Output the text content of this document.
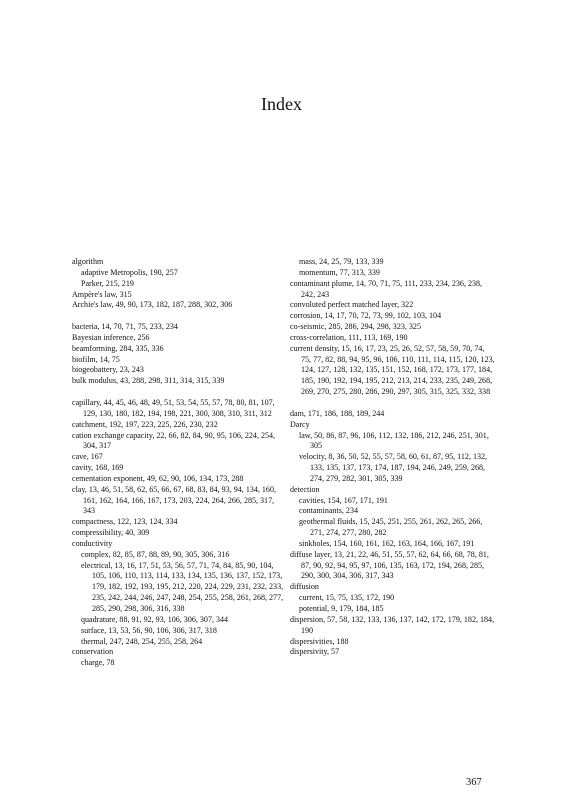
Index

algorithm

adaptive Metropolis, 190, 257

Parker, 215, 219

Ampère's law, 315

Archie's law, 49, 90, 173, 182, 187, 288, 302, 306

bacteria, 14, 70, 71, 75, 233, 234

Bayesian inference, 256

beamforming, 284, 335, 336

biofilm, 14, 75

biogeobattery, 23, 243

bulk modulus, 43, 288, 298, 311, 314, 315, 339

capillary, 44, 45, 46, 48, 49, 51, 53, 54, 55, 57, 78, 80, 81, 107, 129, 130, 180, 182, 194, 198, 221, 300, 308, 310, 311, 312

catchment, 192, 197, 223, 225, 226, 230, 232

cation exchange capacity, 22, 66, 82, 84, 90, 95, 106, 224, 254, 304, 317

cave, 167

cavity, 168, 169

cementation exponent, 49, 62, 90, 106, 134, 173, 288

clay, 13, 46, 51, 58, 62, 65, 66, 67, 68, 83, 84, 93, 94, 134, 160, 161, 162, 164, 166, 167, 173, 203, 224, 264, 266, 285, 317, 343

compactness, 122, 123, 124, 334

compressibility, 40, 309

conductivity

complex, 82, 85, 87, 88, 89, 90, 305, 306, 316

electrical, 13, 16, 17, 51, 53, 56, 57, 71, 74, 84, 85, 90, 104, 105, 106, 110, 113, 114, 133, 134, 135, 136, 137, 152, 173, 179, 182, 192, 193, 195, 212, 220, 224, 229, 231, 232, 233, 235, 242, 244, 246, 247, 248, 254, 255, 258, 261, 268, 277, 285, 290, 298, 306, 316, 338

quadrature, 88, 91, 92, 93, 106, 306, 307, 344

surface, 13, 53, 56, 90, 106, 306, 317, 318

thermal, 247, 248, 254, 255, 258, 264

conservation

charge, 78

mass, 24, 25, 79, 133, 339

momentum, 77, 313, 339

contaminant plume, 14, 70, 71, 75, 111, 233, 234, 236, 238, 242, 243

convoluted perfect matched layer, 322

corrosion, 14, 17, 70, 72, 73, 99, 102, 103, 104

co-seismic, 285, 286, 294, 298, 323, 325

cross-correlation, 111, 113, 169, 190

current density, 15, 16, 17, 23, 25, 26, 52, 57, 58, 59, 70, 74, 75, 77, 82, 88, 94, 95, 96, 106, 110, 111, 114, 115, 120, 123, 124, 127, 128, 132, 135, 151, 152, 168, 172, 173, 177, 184, 185, 190, 192, 194, 195, 212, 213, 214, 233, 235, 249, 268, 269, 270, 275, 280, 286, 290, 297, 305, 315, 325, 332, 338

dam, 171, 186, 188, 189, 244

Darcy

law, 50, 86, 87, 96, 106, 112, 132, 186, 212, 246, 251, 301, 305

velocity, 8, 36, 50, 52, 55, 57, 58, 60, 61, 87, 95, 112, 132, 133, 135, 137, 173, 174, 187, 194, 246, 249, 259, 268, 274, 279, 282, 301, 305, 339

detection

cavities, 154, 167, 171, 191

contaminants, 234

geothermal fluids, 15, 245, 251, 255, 261, 262, 265, 266, 271, 274, 277, 280, 282

sinkholes, 154, 160, 161, 162, 163, 164, 166, 167, 191

diffuse layer, 13, 21, 22, 46, 51, 55, 57, 62, 64, 66, 68, 78, 81, 87, 90, 92, 94, 95, 97, 106, 135, 163, 172, 194, 268, 285, 290, 300, 304, 306, 317, 343

diffusion

current, 15, 75, 135, 172, 190

potential, 9, 179, 184, 185

dispersion, 57, 58, 132, 133, 136, 137, 142, 172, 179, 182, 184, 190

dispersivities, 188

dispersivity, 57

367
